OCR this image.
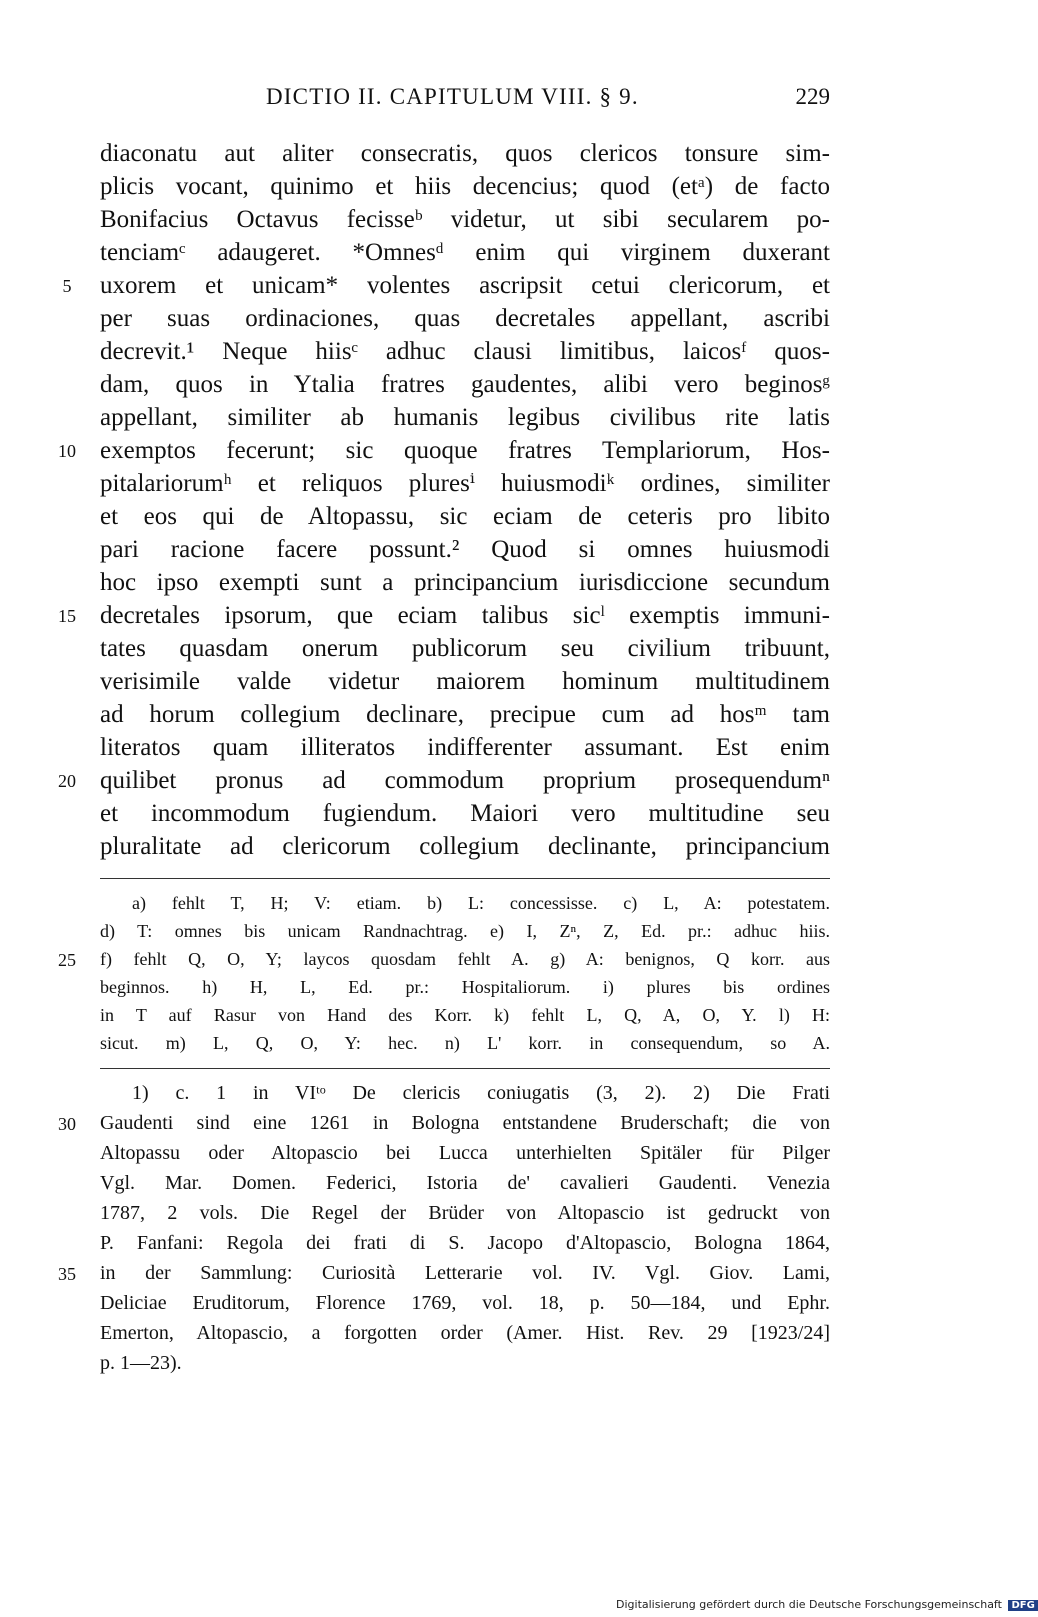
DICTIO II. CAPITULUM VIII. § 9.	229
diaconatu aut aliter consecratis, quos clericos tonsure sim-
plicis vocant, quinimo et hiis decencius; quod (etᵃ) de facto
Bonifacius Octavus fecisseᵇ videtur, ut sibi secularem po-
tenciamᶜ adaugeret. *Omnesᵈ enim qui virginem duxerant
uxorem et unicam* volentes ascripsit cetui clericorum, et
per suas ordinaciones, quas decretales appellant, ascribi
decrevit.¹ Neque hiisᶜ adhuc clausi limitibus, laicosᶠ quos-
dam, quos in Ytalia fratres gaudentes, alibi vero beginosᵍ
appellant, similiter ab humanis legibus civilibus rite latis
exemptos fecerunt; sic quoque fratres Templariorum, Hos-
pitalariorumʰ et reliquos pluresⁱ huiusmodiᵏ ordines, similiter
et eos qui de Altopassu, sic eciam de ceteris pro libito
pari racione facere possunt.² Quod si omnes huiusmodi
hoc ipso exempti sunt a principancium iurisdiccione secundum
decretales ipsorum, que eciam talibus sicˡ exemptis immuni-
tates quasdam onerum publicorum seu civilium tribuunt,
verisimile valde videtur maiorem hominum multitudinem
ad horum collegium declinare, precipue cum ad hosᵐ tam
literatos quam illiteratos indifferenter assumant. Est enim
quilibet pronus ad commodum proprium prosequendumⁿ
et incommodum fugiendum. Maiori vero multitudine seu
pluralitate ad clericorum collegium declinante, principancium
5
10
15
20
a) fehlt T, H; V: etiam. b) L: concessisse. c) L, A: potestatem.
d) T: omnes bis unicam Randnachtrag. e) I, Zⁿ, Z, Ed. pr.: adhuc hiis.
f) fehlt Q, O, Y; laycos quosdam fehlt A. g) A: benignos, Q korr. aus
beginnos. h) H, L, Ed. pr.: Hospitaliorum. i) plures bis ordines
in T auf Rasur von Hand des Korr. k) fehlt L, Q, A, O, Y. l) H:
sicut. m) L, Q, O, Y: hec. n) L' korr. in consequendum, so A.
25
1) c. 1 in VIᵗᵒ De clericis coniugatis (3, 2). 2) Die Frati
Gaudenti sind eine 1261 in Bologna entstandene Bruderschaft; die von
Altopassu oder Altopascio bei Lucca unterhielten Spitäler für Pilger
Vgl. Mar. Domen. Federici, Istoria de' cavalieri Gaudenti. Venezia
1787, 2 vols. Die Regel der Brüder von Altopascio ist gedruckt von
P. Fanfani: Regola dei frati di S. Jacopo d'Altopascio, Bologna 1864,
in der Sammlung: Curiosità Letterarie vol. IV. Vgl. Giov. Lami,
Deliciae Eruditorum, Florence 1769, vol. 18, p. 50—184, und Ephr.
Emerton, Altopascio, a forgotten order (Amer. Hist. Rev. 29 [1923/24]
p. 1—23).
30
35
Digitalisierung gefördert durch die Deutsche Forschungsgemeinschaft DFG
